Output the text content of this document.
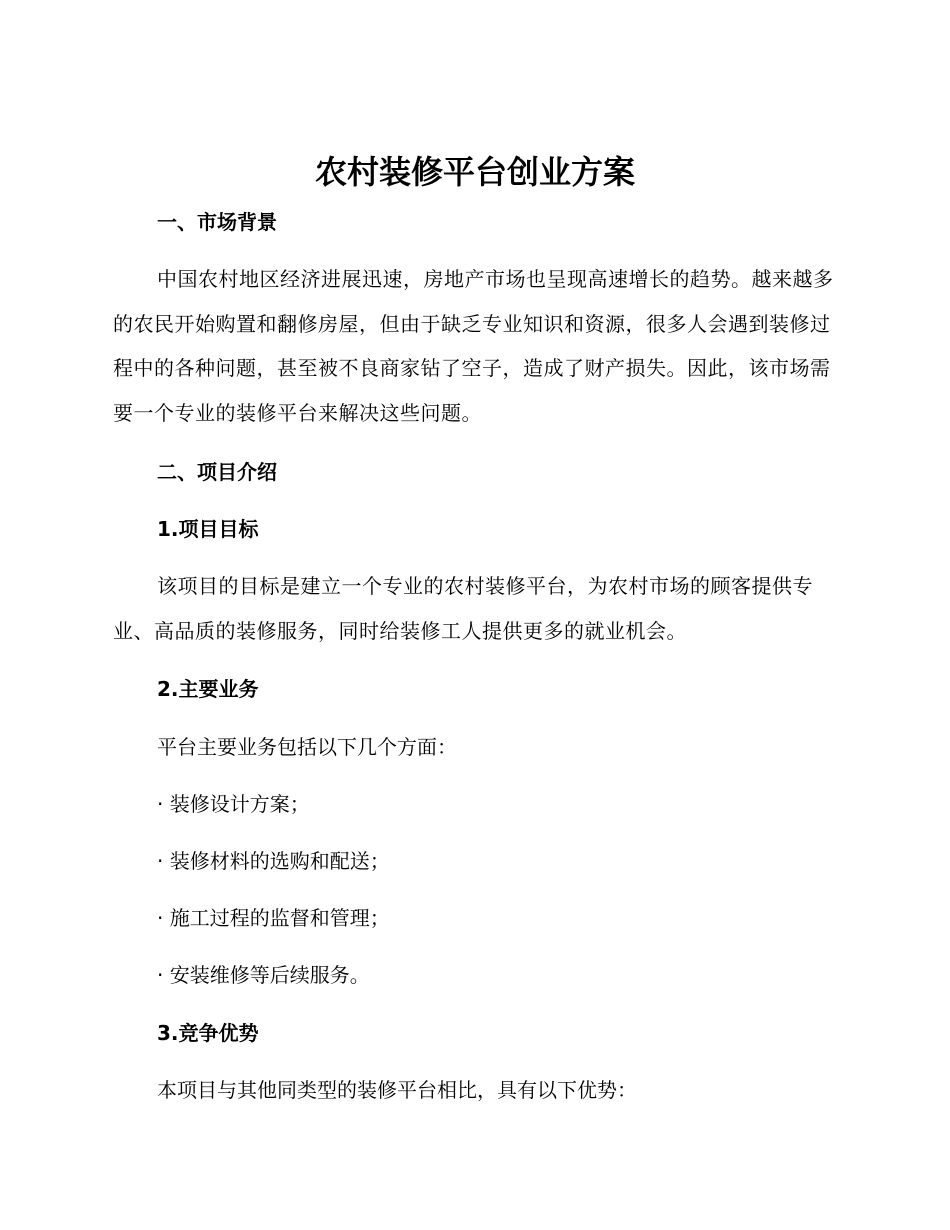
农村装修平台创业方案
一、市场背景

中国农村地区经济进展迅速，房地产市场也呈现高速增长的趋势。越来越多的农民开始购置和翻修房屋，但由于缺乏专业知识和资源，很多人会遇到装修过程中的各种问题，甚至被不良商家钻了空子，造成了财产损失。因此，该市场需要一个专业的装修平台来解决这些问题。

二、项目介绍
1.项目目标

该项目的目标是建立一个专业的农村装修平台，为农村市场的顾客提供专业、高品质的装修服务，同时给装修工人提供更多的就业机会。

2.主要业务
平台主要业务包括以下几个方面：
· 装修设计方案；
· 装修材料的选购和配送；
· 施工过程的监督和管理；
· 安装维修等后续服务。
3.竞争优势
本项目与其他同类型的装修平台相比，具有以下优势：
